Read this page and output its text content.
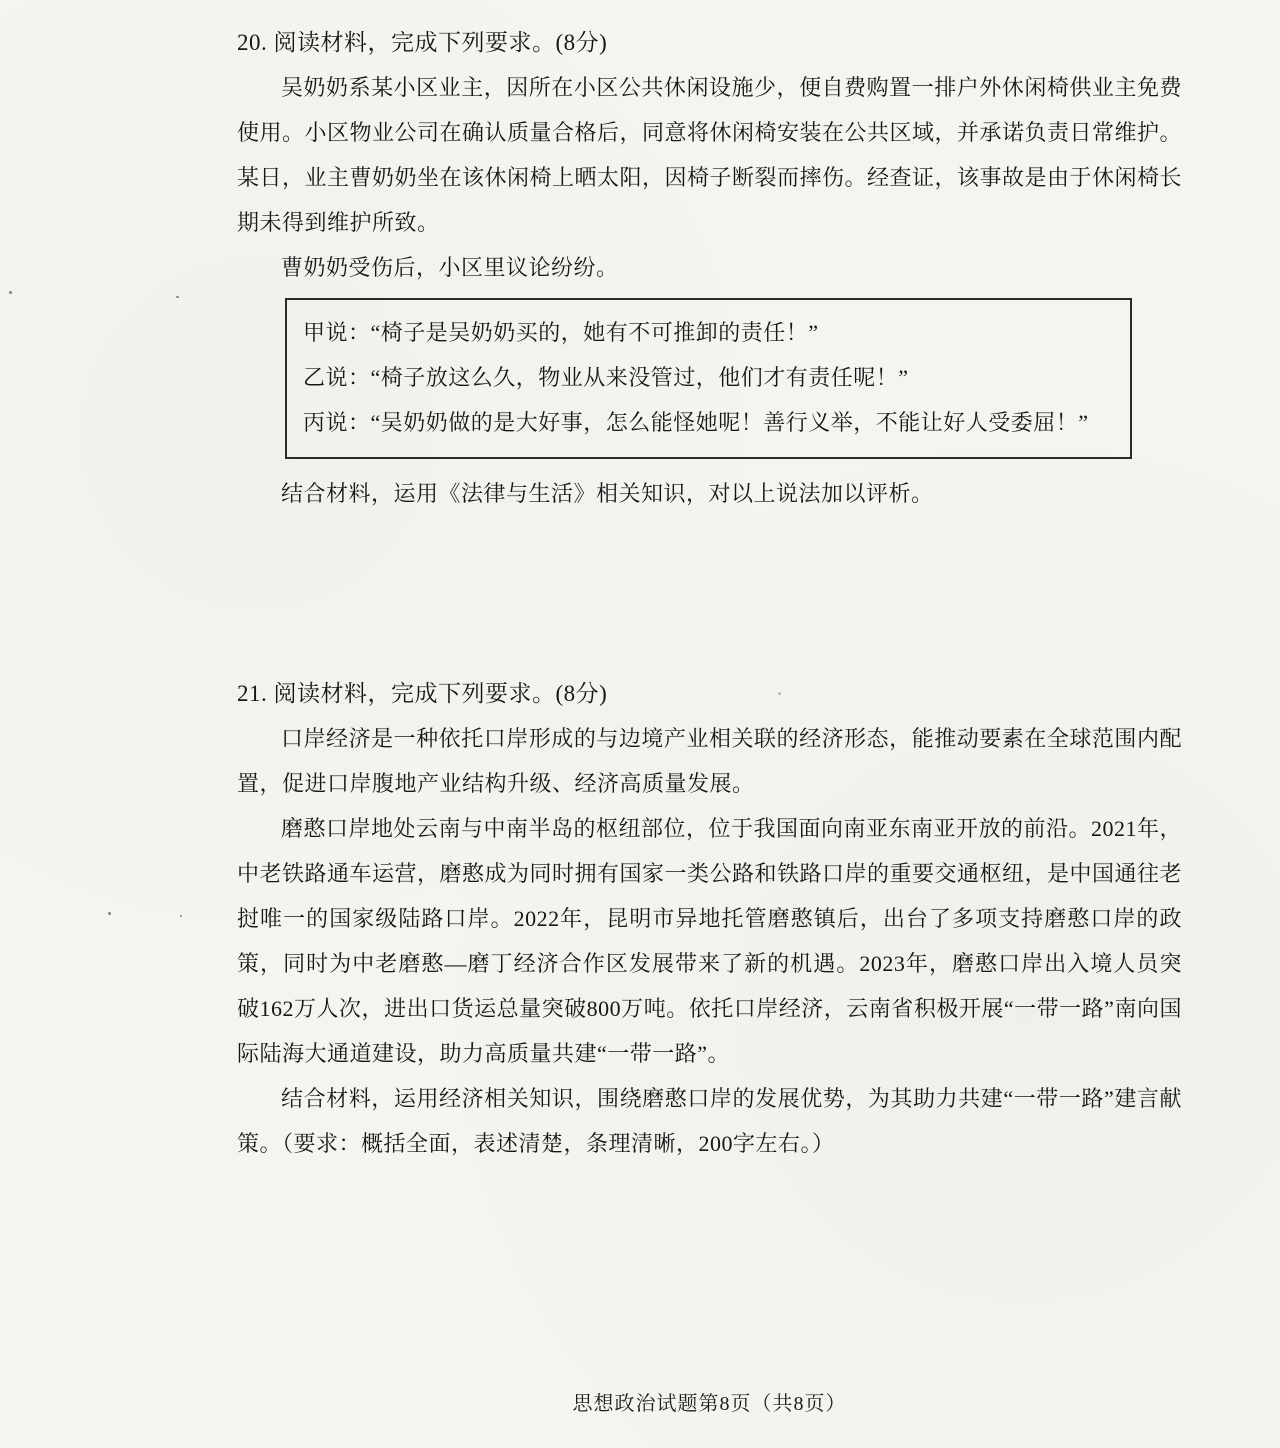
20. 阅读材料，完成下列要求。(8分)

吴奶奶系某小区业主，因所在小区公共休闲设施少，便自费购置一排户外休闲椅供业主免费使用。小区物业公司在确认质量合格后，同意将休闲椅安装在公共区域，并承诺负责日常维护。某日，业主曹奶奶坐在该休闲椅上晒太阳，因椅子断裂而摔伤。经查证，该事故是由于休闲椅长期未得到维护所致。

曹奶奶受伤后，小区里议论纷纷。

甲说：“椅子是吴奶奶买的，她有不可推卸的责任！”
乙说：“椅子放这么久，物业从来没管过，他们才有责任呢！”
丙说：“吴奶奶做的是大好事，怎么能怪她呢！善行义举，不能让好人受委屈！”

结合材料，运用《法律与生活》相关知识，对以上说法加以评析。

21. 阅读材料，完成下列要求。(8分)

口岸经济是一种依托口岸形成的与边境产业相关联的经济形态，能推动要素在全球范围内配置，促进口岸腹地产业结构升级、经济高质量发展。

磨憨口岸地处云南与中南半岛的枢纽部位，位于我国面向南亚东南亚开放的前沿。2021年，中老铁路通车运营，磨憨成为同时拥有国家一类公路和铁路口岸的重要交通枢纽，是中国通往老挝唯一的国家级陆路口岸。2022年，昆明市异地托管磨憨镇后，出台了多项支持磨憨口岸的政策，同时为中老磨憨—磨丁经济合作区发展带来了新的机遇。2023年，磨憨口岸出入境人员突破162万人次，进出口货运总量突破800万吨。依托口岸经济，云南省积极开展“一带一路”南向国际陆海大通道建设，助力高质量共建“一带一路”。

结合材料，运用经济相关知识，围绕磨憨口岸的发展优势，为其助力共建“一带一路”建言献策。（要求：概括全面，表述清楚，条理清晰，200字左右。）

思想政治试题第8页（共8页）
